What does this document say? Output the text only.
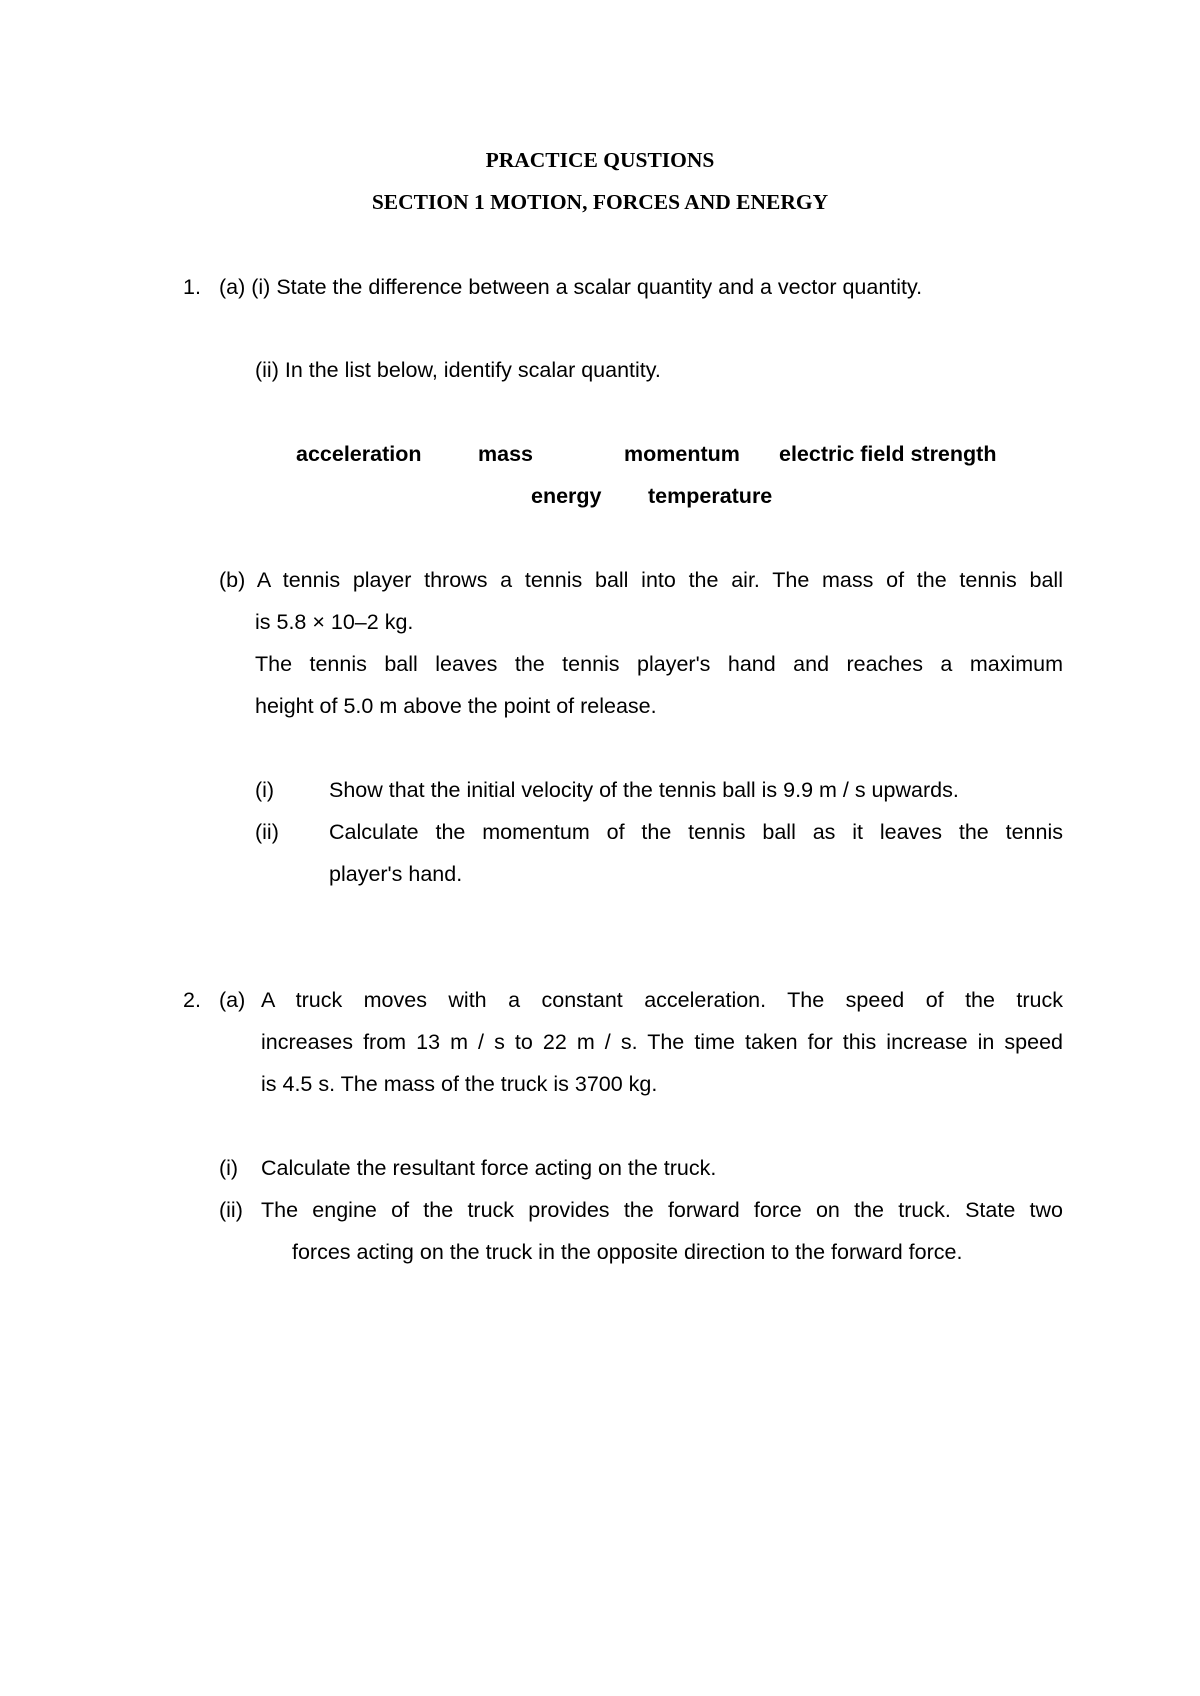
PRACTICE QUSTIONS
SECTION 1 MOTION, FORCES AND ENERGY
1. (a) (i) State the difference between a scalar quantity and a vector quantity.
(ii) In the list below, identify scalar quantity.
acceleration	mass	momentum electric field strength
energy temperature
(b) A tennis player throws a tennis ball into the air. The mass of the tennis ball
is 5.8 × 10–2 kg.
The tennis ball leaves the tennis player's hand and reaches a maximum
height of 5.0 m above the point of release.
(i)	Show that the initial velocity of the tennis ball is 9.9 m / s upwards.
(ii) Calculate the momentum of the tennis ball as it leaves the tennis
player's hand.
2. (a) A truck moves with a constant acceleration. The speed of the truck
increases from 13 m / s to 22 m / s. The time taken for this increase in speed
is 4.5 s. The mass of the truck is 3700 kg.
(i) Calculate the resultant force acting on the truck.
(ii) The engine of the truck provides the forward force on the truck. State two
forces acting on the truck in the opposite direction to the forward force.
